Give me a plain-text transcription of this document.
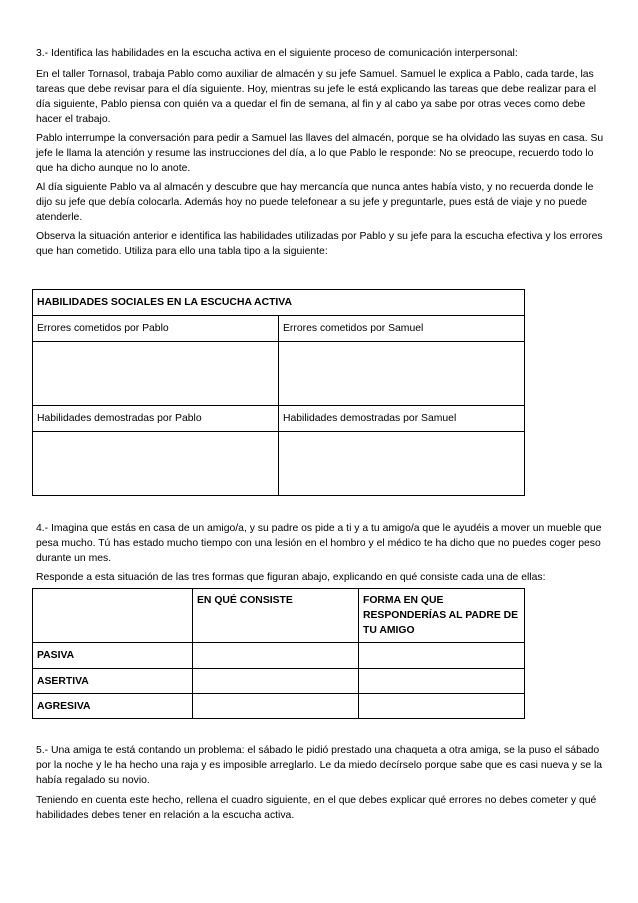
3.- Identifica las habilidades en la escucha activa en el siguiente proceso de comunicación interpersonal:

En el taller Tornasol, trabaja Pablo como auxiliar de almacén y su jefe Samuel. Samuel le explica a Pablo, cada tarde, las tareas que debe revisar para el día siguiente. Hoy, mientras su jefe le está explicando las tareas que debe realizar para el día siguiente, Pablo piensa con quién va a quedar el fin de semana, al fin y al cabo ya sabe por otras veces como debe hacer el trabajo.

Pablo interrumpe la conversación para pedir a Samuel las llaves del almacén, porque se ha olvidado las suyas en casa. Su jefe le llama la atención y resume las instrucciones del día, a lo que Pablo le responde: No se preocupe, recuerdo todo lo que ha dicho aunque no lo anote.

Al día siguiente Pablo va al almacén y descubre que hay mercancía que nunca antes había visto, y no recuerda donde le dijo su jefe que debía colocarla. Además hoy no puede telefonear a su jefe y preguntarle, pues está de viaje y no puede atenderle.

Observa la situación anterior e identifica las habilidades utilizadas por Pablo y su jefe para la escucha efectiva y los errores que han cometido. Utiliza para ello una tabla tipo a la siguiente:

HABILIDADES SOCIALES EN LA ESCUCHA ACTIVA	
Errores cometidos por Pablo	Errores cometidos por Samuel

Habilidades demostradas por Pablo	Habilidades demostradas por Samuel

4.- Imagina que estás en casa de un amigo/a, y su padre os pide a ti y a tu amigo/a que le ayudéis a mover un mueble que pesa mucho. Tú has estado mucho tiempo con una lesión en el hombro y el médico te ha dicho que no puedes coger peso durante un mes.

Responde a esta situación de las tres formas que figuran abajo, explicando en qué consiste cada una de ellas:

	EN QUÉ CONSISTE	FORMA EN QUE RESPONDERÍAS AL PADRE DE TU AMIGO
PASIVA		
ASERTIVA		
AGRESIVA		

5.- Una amiga te está contando un problema: el sábado le pidió prestado una chaqueta a otra amiga, se la puso el sábado por la noche y le ha hecho una raja y es imposible arreglarlo. Le da miedo decírselo porque sabe que es casi nueva y se la había regalado su novio.

Teniendo en cuenta este hecho, rellena el cuadro siguiente, en el que debes explicar qué errores no debes cometer y qué habilidades debes tener en relación a la escucha activa.
